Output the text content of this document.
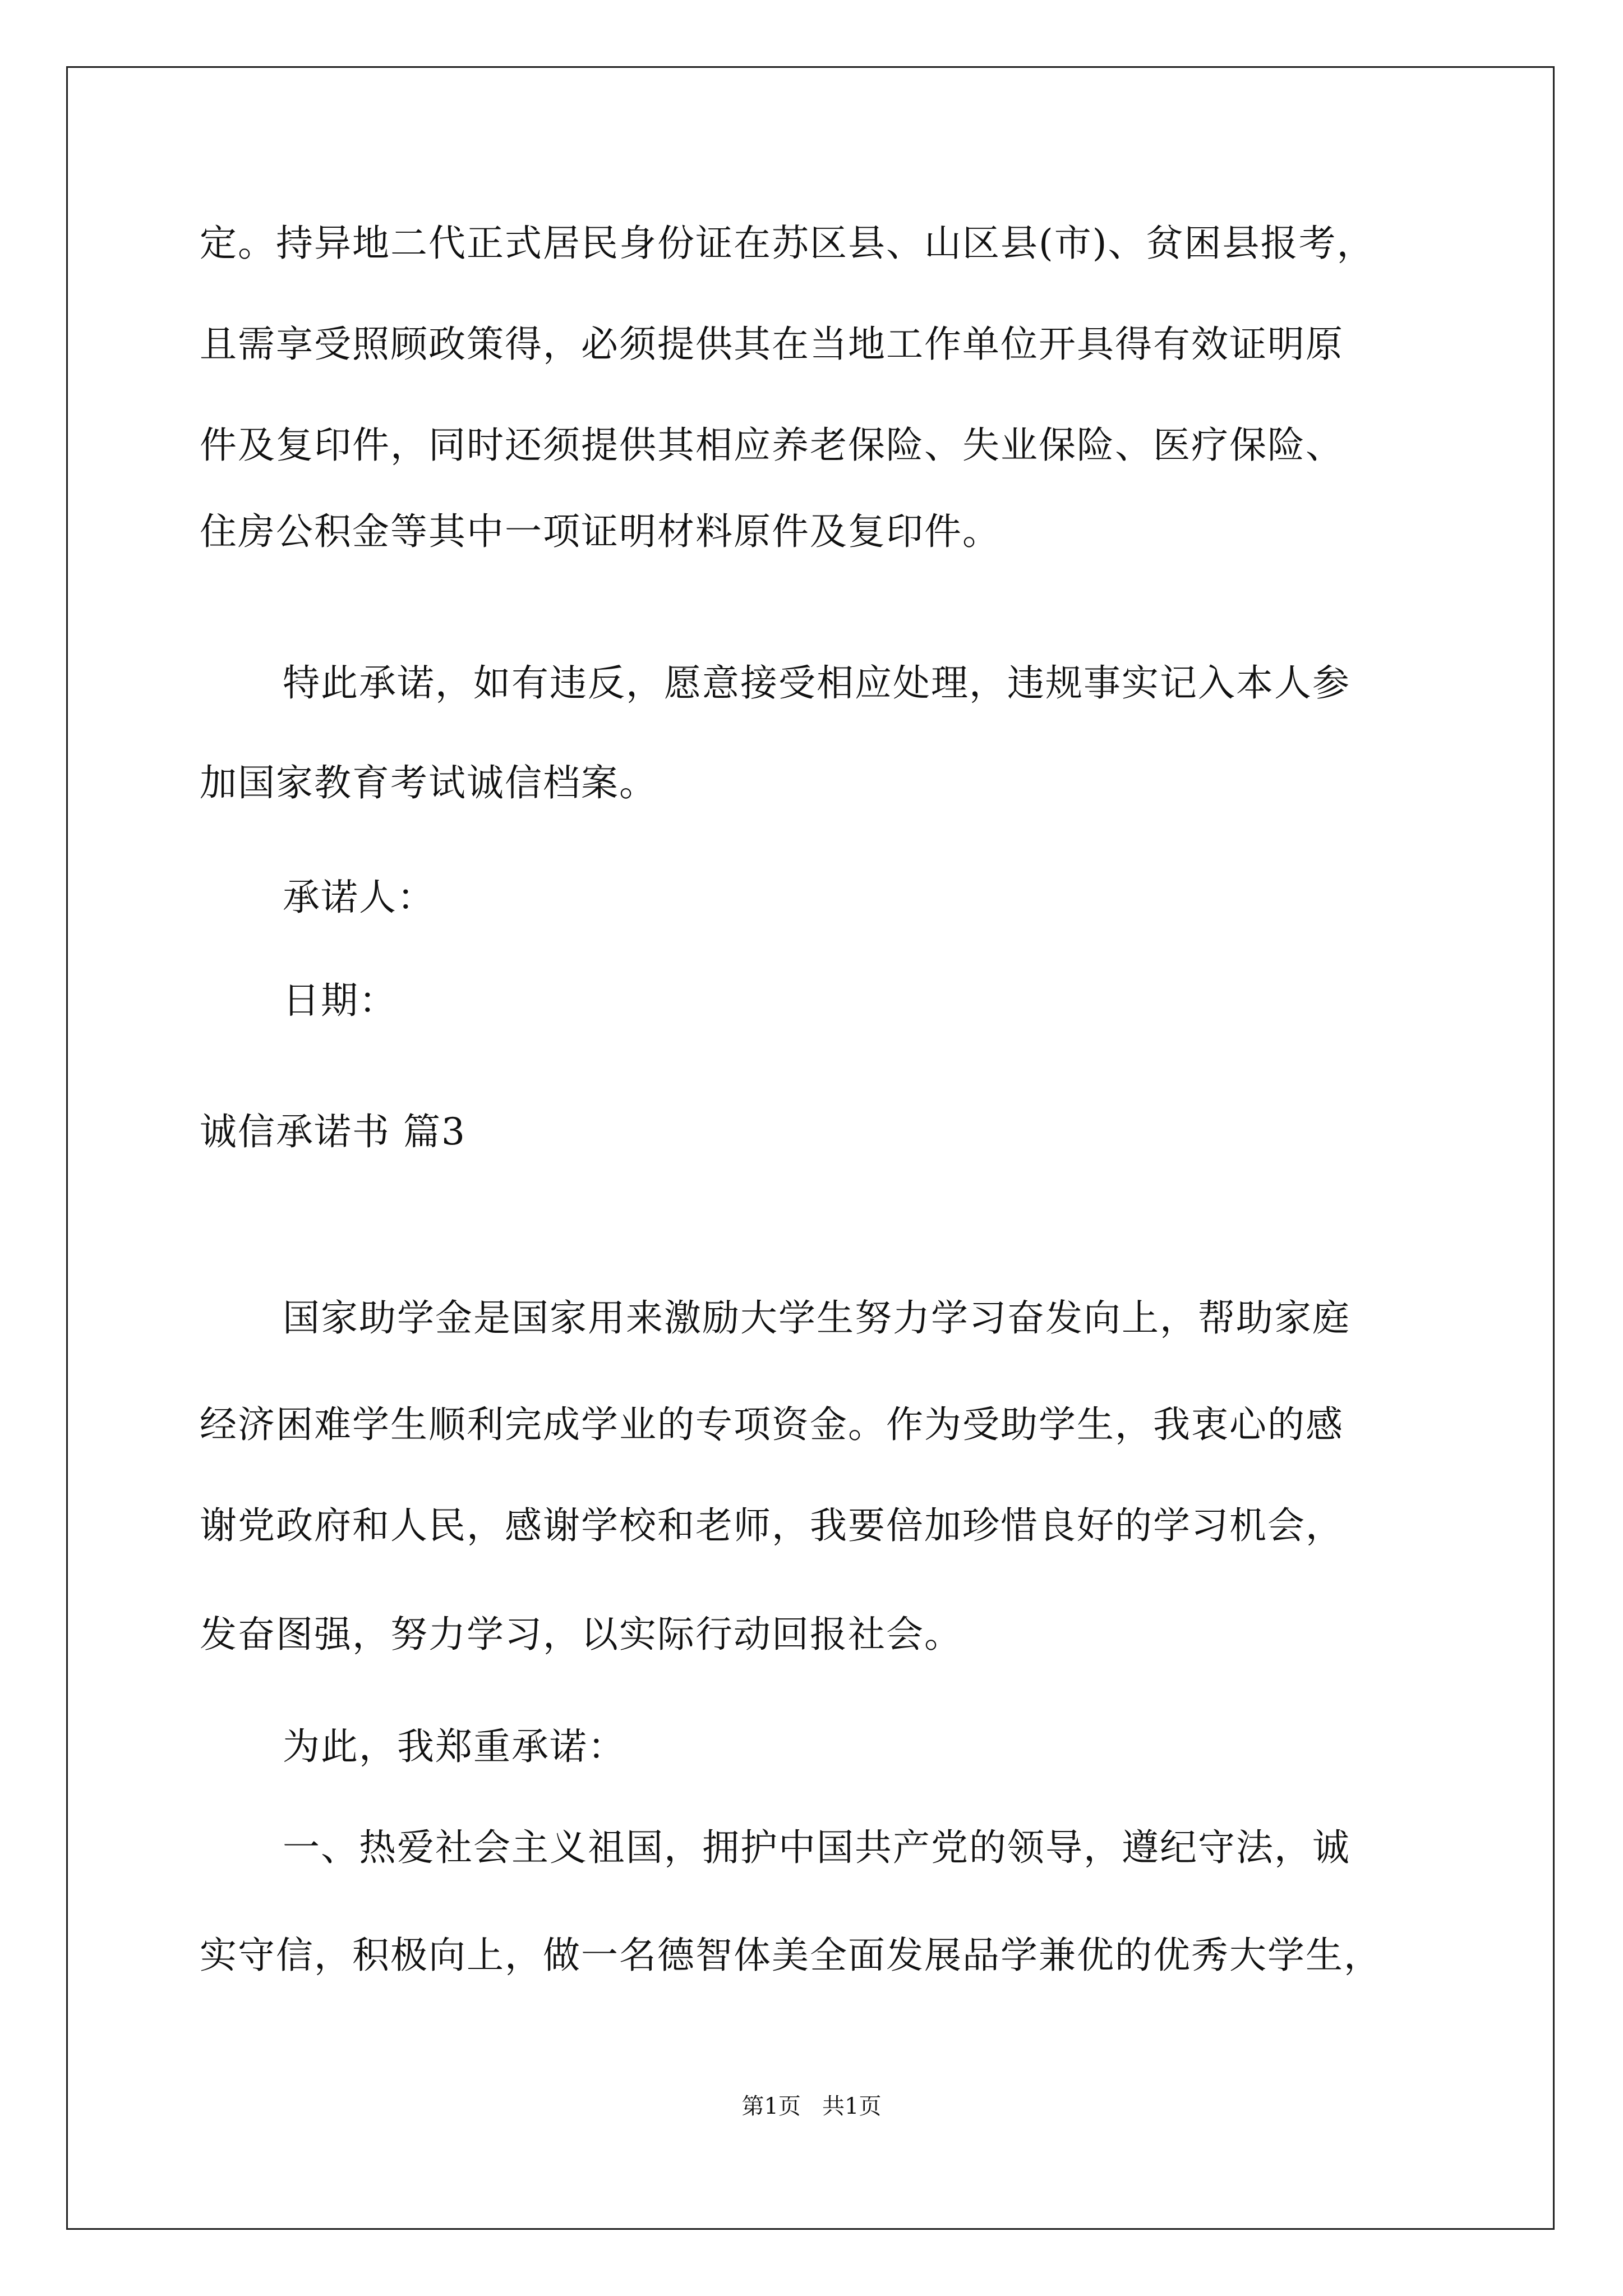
定。持异地二代正式居民身份证在苏区县、山区县(市)、贫困县报考，
且需享受照顾政策得，必须提供其在当地工作单位开具得有效证明原
件及复印件，同时还须提供其相应养老保险、失业保险、医疗保险、
住房公积金等其中一项证明材料原件及复印件。
特此承诺，如有违反，愿意接受相应处理，违规事实记入本人参
加国家教育考试诚信档案。
承诺人：
日期：
诚信承诺书 篇3
国家助学金是国家用来激励大学生努力学习奋发向上，帮助家庭
经济困难学生顺利完成学业的专项资金。作为受助学生，我衷心的感
谢党政府和人民，感谢学校和老师，我要倍加珍惜良好的学习机会，
发奋图强，努力学习，以实际行动回报社会。
为此，我郑重承诺：
一、热爱社会主义祖国，拥护中国共产党的领导，遵纪守法，诚
实守信，积极向上，做一名德智体美全面发展品学兼优的优秀大学生，
第1页   共1页
